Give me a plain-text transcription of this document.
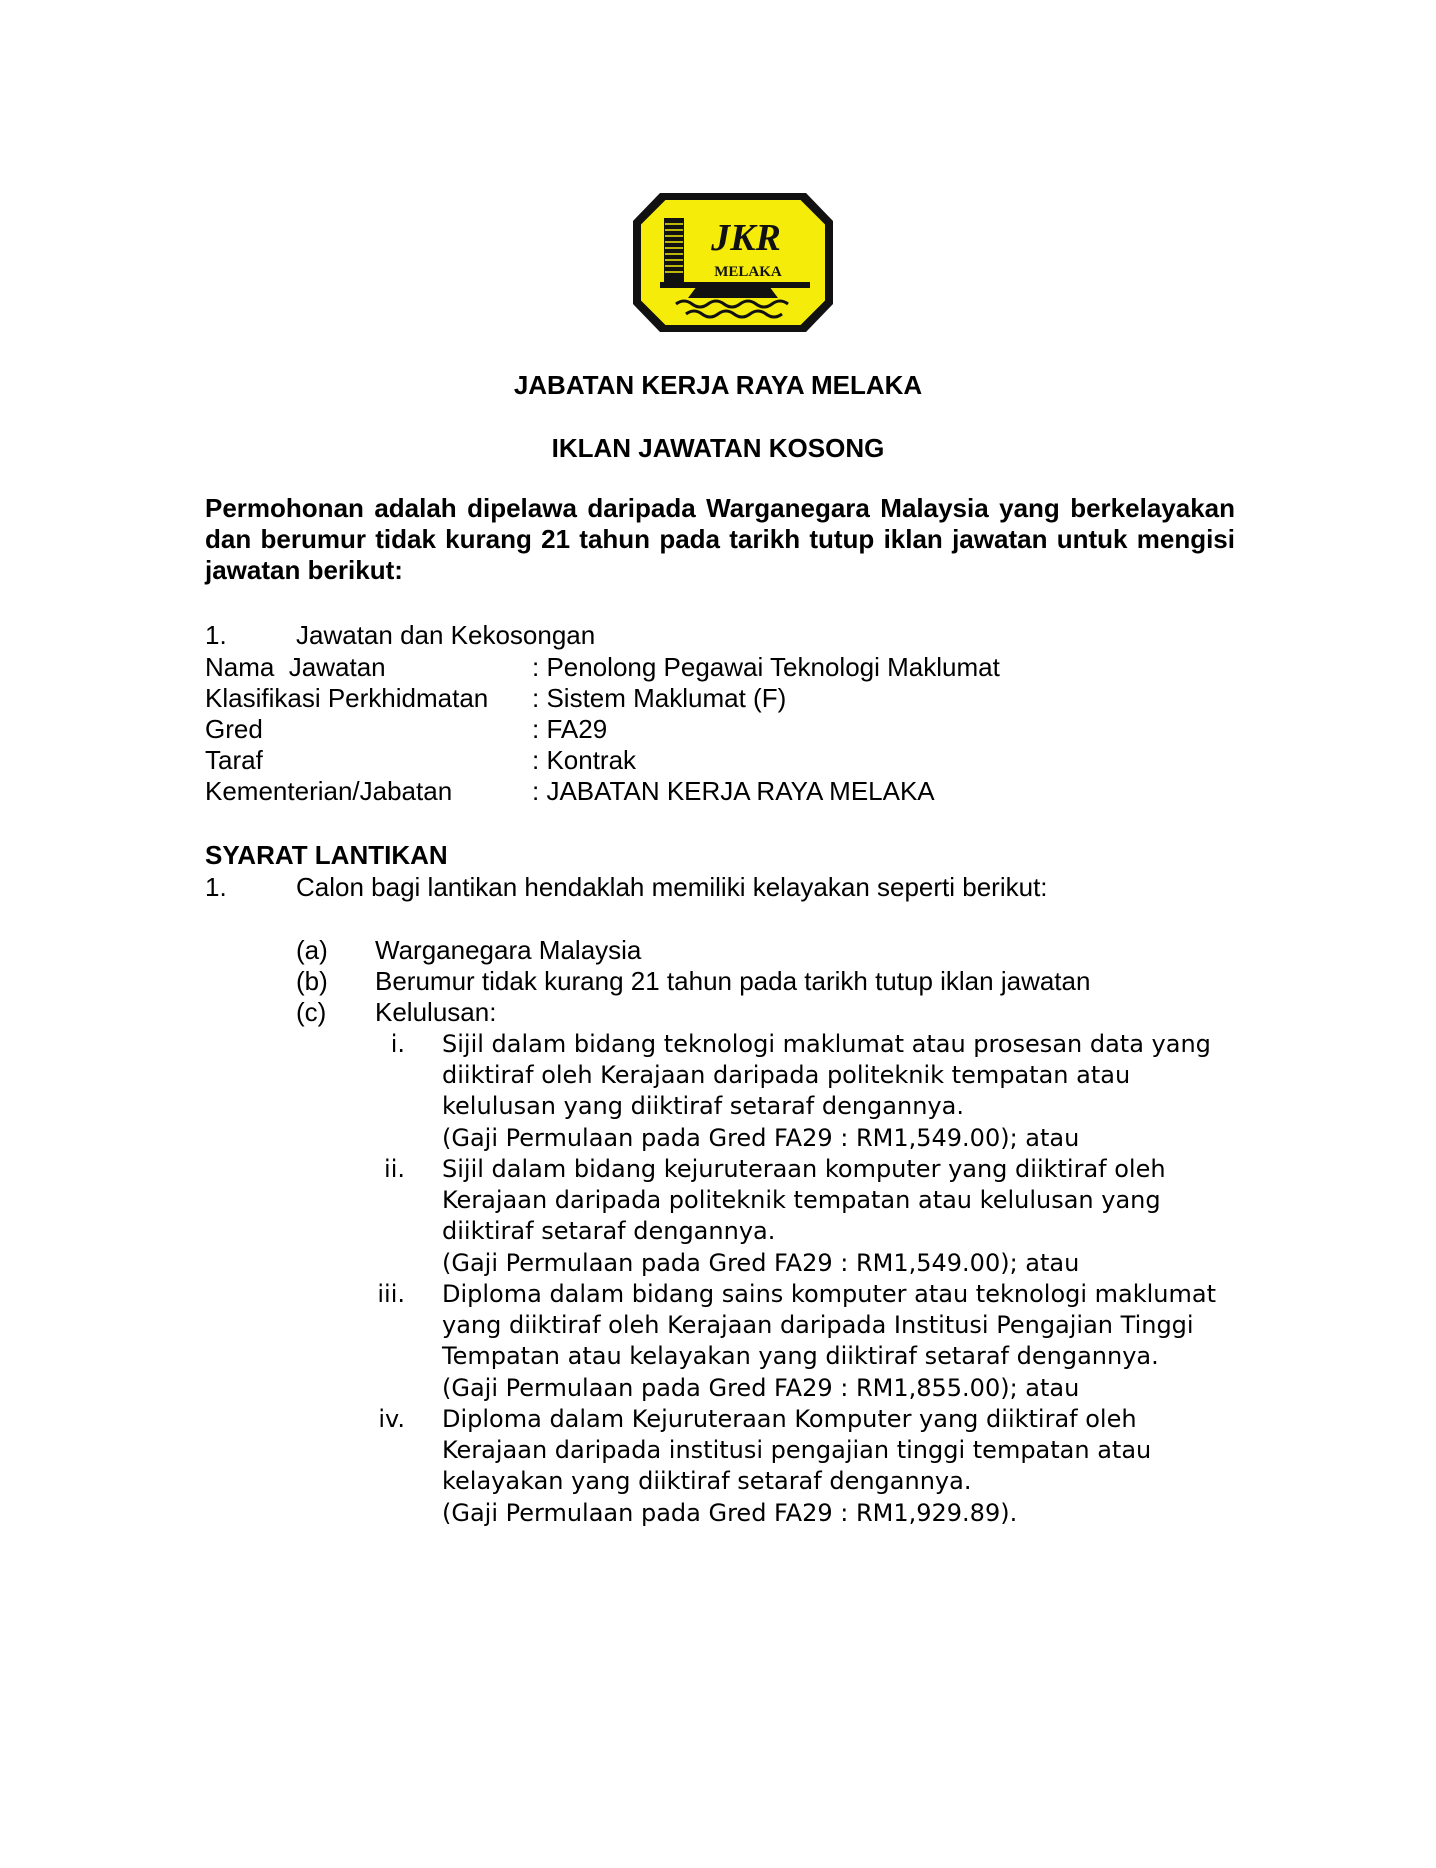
JKR
MELAKA
JABATAN KERJA RAYA MELAKA
IKLAN JAWATAN KOSONG
Permohonan adalah dipelawa daripada Warganegara Malaysia yang berkelayakan dan berumur tidak kurang 21 tahun pada tarikh tutup iklan jawatan untuk mengisi jawatan berikut:
1.	Jawatan dan Kekosongan
Nama  Jawatan	: Penolong Pegawai Teknologi Maklumat
Klasifikasi Perkhidmatan : Sistem Maklumat (F)
Gred	: FA29
Taraf	: Kontrak
Kementerian/Jabatan	: JABATAN KERJA RAYA MELAKA
SYARAT LANTIKAN
1.	Calon bagi lantikan hendaklah memiliki kelayakan seperti berikut:
(a) Warganegara Malaysia
(b) Berumur tidak kurang 21 tahun pada tarikh tutup iklan jawatan
(c) Kelulusan:
i. Sijil dalam bidang teknologi maklumat atau prosesan data yang
diiktiraf oleh Kerajaan daripada politeknik tempatan atau
kelulusan yang diiktiraf setaraf dengannya.
(Gaji Permulaan pada Gred FA29 : RM1,549.00); atau
ii. Sijil dalam bidang kejuruteraan komputer yang diiktiraf oleh
Kerajaan daripada politeknik tempatan atau kelulusan yang
diiktiraf setaraf dengannya.
(Gaji Permulaan pada Gred FA29 : RM1,549.00); atau
iii. Diploma dalam bidang sains komputer atau teknologi maklumat
yang diiktiraf oleh Kerajaan daripada Institusi Pengajian Tinggi
Tempatan atau kelayakan yang diiktiraf setaraf dengannya.
(Gaji Permulaan pada Gred FA29 : RM1,855.00); atau
iv. Diploma dalam Kejuruteraan Komputer yang diiktiraf oleh
Kerajaan daripada institusi pengajian tinggi tempatan atau
kelayakan yang diiktiraf setaraf dengannya.
(Gaji Permulaan pada Gred FA29 : RM1,929.89).
